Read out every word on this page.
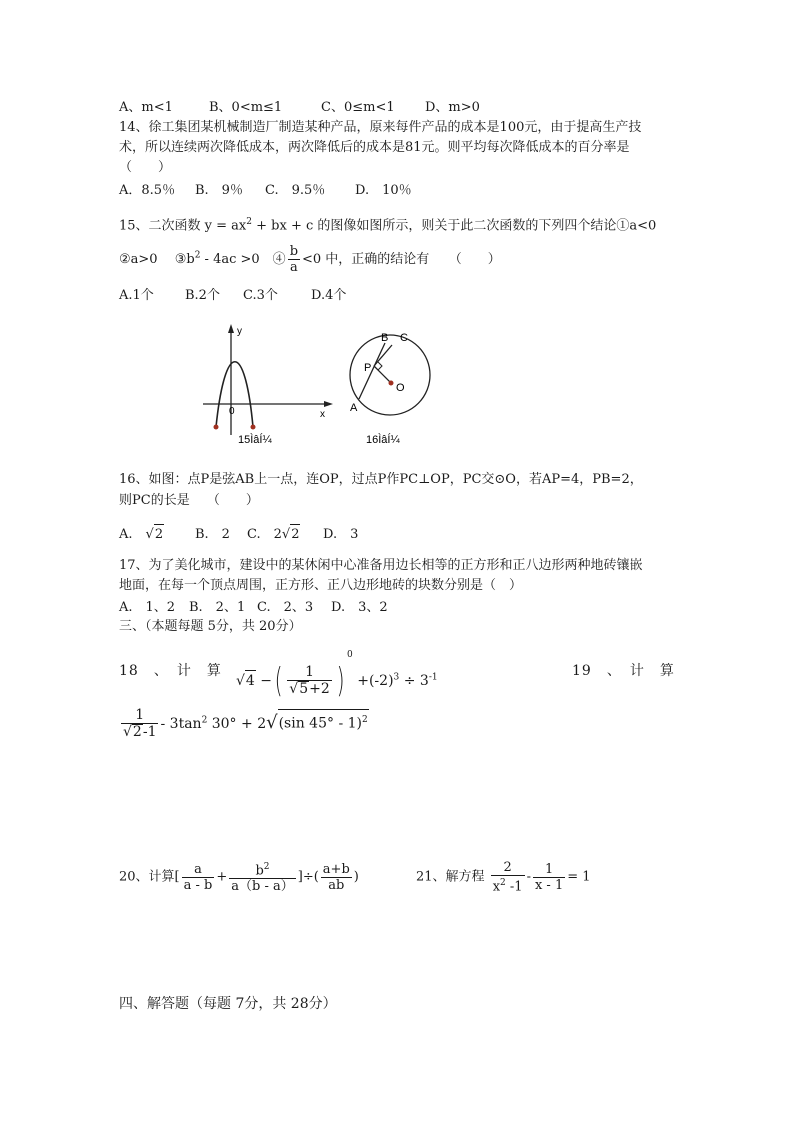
A、m<1	B、0<m≤1	C、0≤m<1 D、m>0
14、徐工集团某机械制造厂制造某种产品，原来每件产品的成本是100元，由于提高生产技
术，所以连续两次降低成本，两次降低后的成本是81元。则平均每次降低成本的百分率是
（　　）
A．8.5％ B.　9％ C.　9.5％ D.　10％
15、二次函数 $y = ax^2$ + bx + c 的图像如图所示，则关于此二次函数的下列四个结论①a<0
②a>0　 $③b^2 - 4ac >0$　④ $\frac{b}{a} <0$ 中，正确的结论有　　（　　）
A.1个 B.2个 C.3个	D.4个
y
x
0
15ÌâÍ¼
B C
P
O
A
16ÌâÍ¼
16、如图：点P是弦AB上一点，连OP，过点P作PC⊥OP，PC交⊙O，若AP=4，PB=2，
则PC的长是　 （　　）
A.　 √2 B.　2 C.　2√2 D.　3
17、为了美化城市，建设中的某休闲中心准备用边长相等的正方形和正八边形两种地砖镶嵌
地面，在每一个顶点周围，正方形、正八边形地砖的块数分别是（　）
A.　1、2 B.　2、1 C.　2、3 D.　3、2
三、（本题每题 5分，共 20分）
18　、　计　算
√4 −( $\frac{1}{√5+2} )^0 +(-2)^3 \div 3^{-1}$	19　、　计　算
$\frac{1}{√2-1} - 3\tan^2$ 30° + 2√(sin 45° - 1)$^2$
20、计算[ $\frac{a}{a - b} + \frac{b^2}{a(b - a)}$ ]÷( $\frac{a+b}{ab}$ )	21、解方程 $\frac{2}{x^2 -1} - \frac{1}{x - 1} = 1$
四、解答题（每题 7分，共 28分）
